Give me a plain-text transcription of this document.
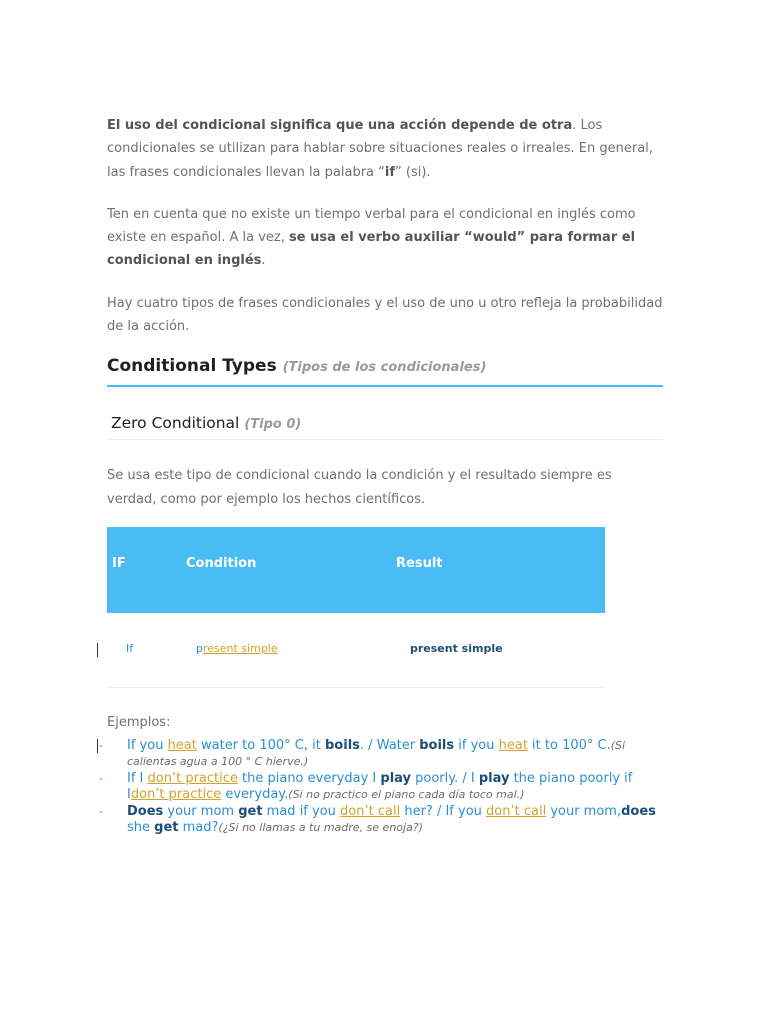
El uso del condicional significa que una acción depende de otra. Los condicionales se utilizan para hablar sobre situaciones reales o irreales. En general, las frases condicionales llevan la palabra “if” (si).

Ten en cuenta que no existe un tiempo verbal para el condicional en inglés como existe en español. A la vez, se usa el verbo auxiliar “would” para formar el condicional en inglés.

Hay cuatro tipos de frases condicionales y el uso de uno u otro refleja la probabilidad de la acción.

Conditional Types (Tipos de los condicionales)
Zero Conditional (Tipo 0)

Se usa este tipo de condicional cuando la condición y el resultado siempre es verdad, como por ejemplo los hechos científicos.

IF	Condition	Result
If	present simple	present simple
Ejemplos:
- If you heat water to 100° C, it boils. / Water boils if you heat it to 100° C.(Si calientas agua a 100 ° C hierve.)
- If I don’t practice the piano everyday I play poorly. / I play the piano poorly if Idon’t practice everyday.(Si no practico el piano cada día toco mal.)
- Does your mom get mad if you don’t call her? / If you don’t call your mom,does she get mad?(¿Si no llamas a tu madre, se enoja?)
